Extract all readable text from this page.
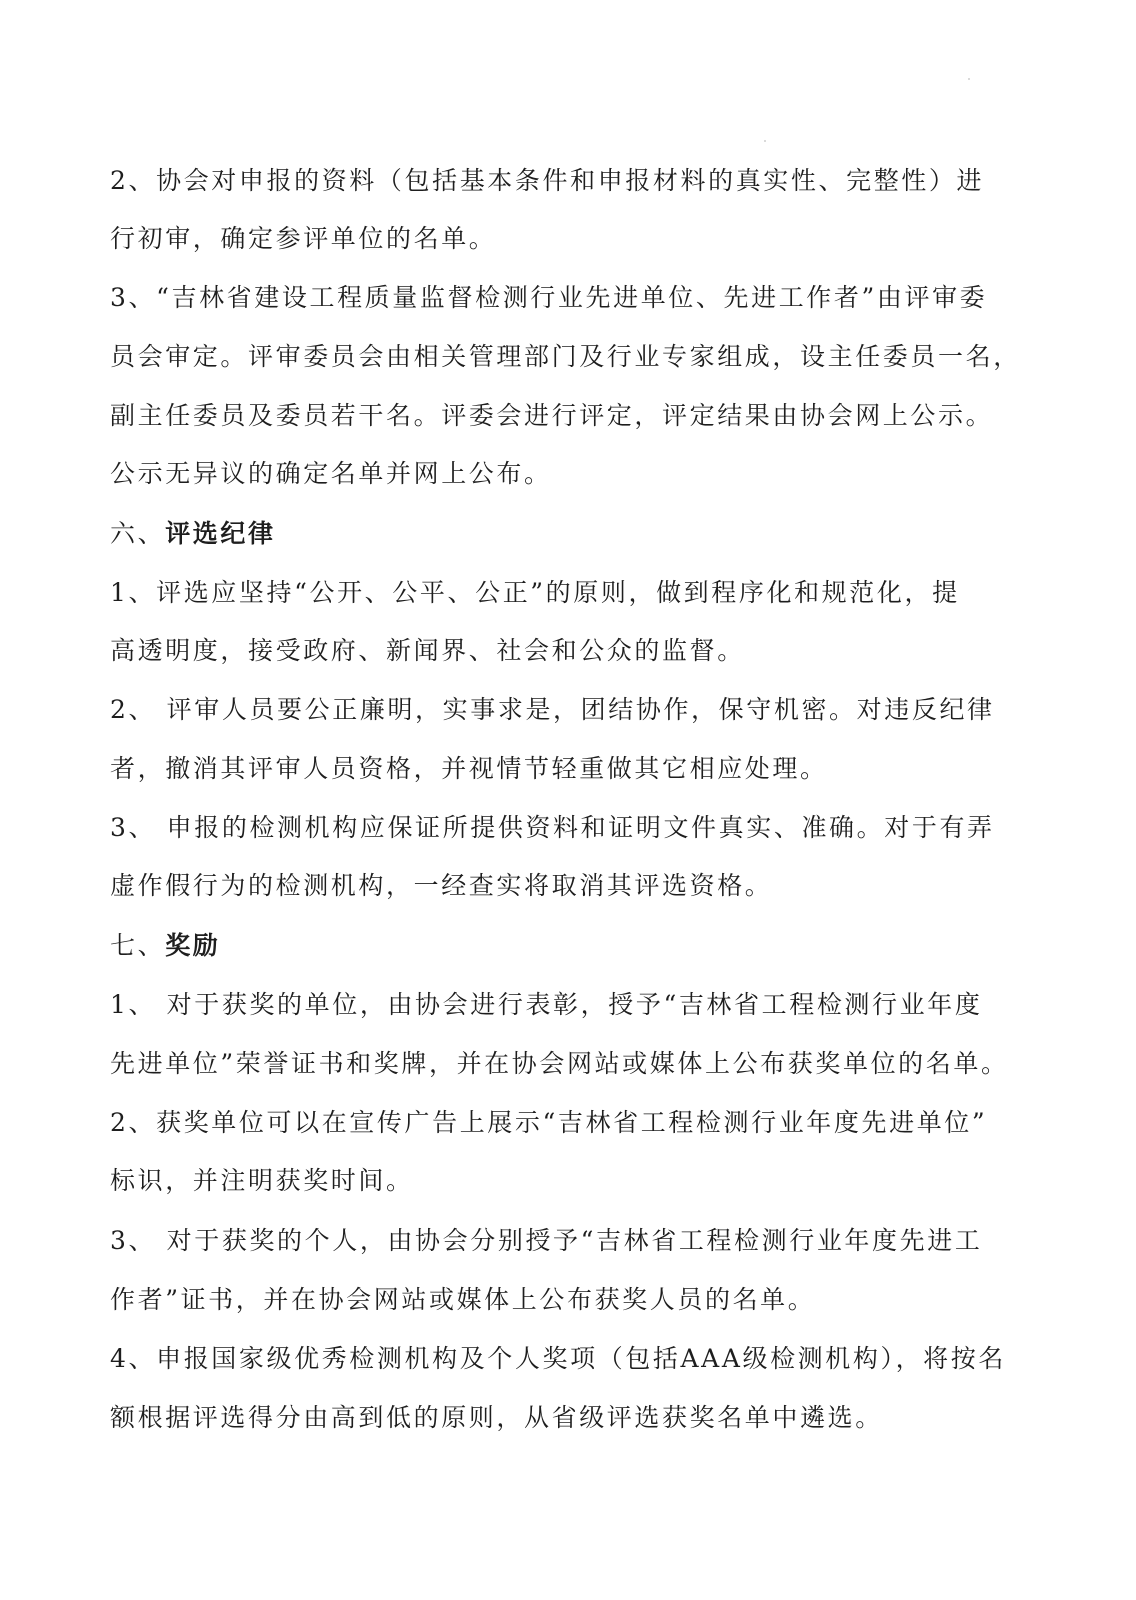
2、协会对申报的资料（包括基本条件和申报材料的真实性、完整性）进
行初审，确定参评单位的名单。
3、“吉林省建设工程质量监督检测行业先进单位、先进工作者”由评审委
员会审定。评审委员会由相关管理部门及行业专家组成，设主任委员一名，
副主任委员及委员若干名。评委会进行评定，评定结果由协会网上公示。
公示无异议的确定名单并网上公布。
六、评选纪律
1、评选应坚持“公开、公平、公正”的原则，做到程序化和规范化，提
高透明度，接受政府、新闻界、社会和公众的监督。
2、 评审人员要公正廉明，实事求是，团结协作，保守机密。对违反纪律
者，撤消其评审人员资格，并视情节轻重做其它相应处理。
3、 申报的检测机构应保证所提供资料和证明文件真实、准确。对于有弄
虚作假行为的检测机构，一经查实将取消其评选资格。
七、奖励
1、 对于获奖的单位，由协会进行表彰，授予“吉林省工程检测行业年度
先进单位”荣誉证书和奖牌，并在协会网站或媒体上公布获奖单位的名单。
2、获奖单位可以在宣传广告上展示“吉林省工程检测行业年度先进单位”
标识，并注明获奖时间。
3、 对于获奖的个人，由协会分别授予“吉林省工程检测行业年度先进工
作者”证书，并在协会网站或媒体上公布获奖人员的名单。
4、申报国家级优秀检测机构及个人奖项（包括AAA级检测机构），将按名
额根据评选得分由高到低的原则，从省级评选获奖名单中遴选。
